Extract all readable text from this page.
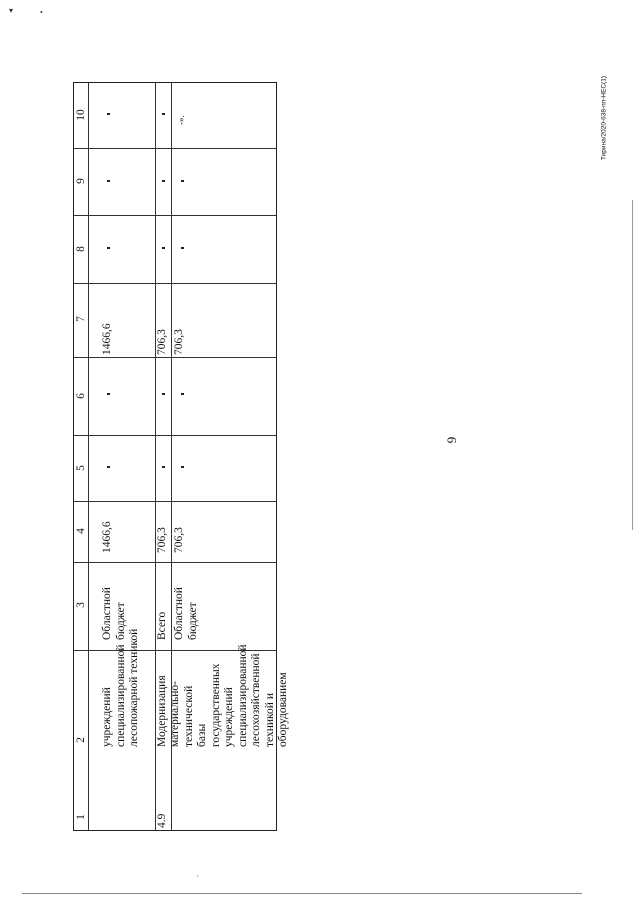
▾	•
·
9
Тирина/2020-638-пп-НЕС(1)
10
9
8
7
6
5
4
3
2
1
учреждений
специализированной
лесопожарной техникой
Областной
бюджет
1466,6
1466,6
4.9
Модернизация
Всего
706,3
706,3
материально-технической
базы государственных
учреждений
специализированной
лесохозяйственной
техникой и
оборудованием
Областной
бюджет
706,3
706,3
-».
